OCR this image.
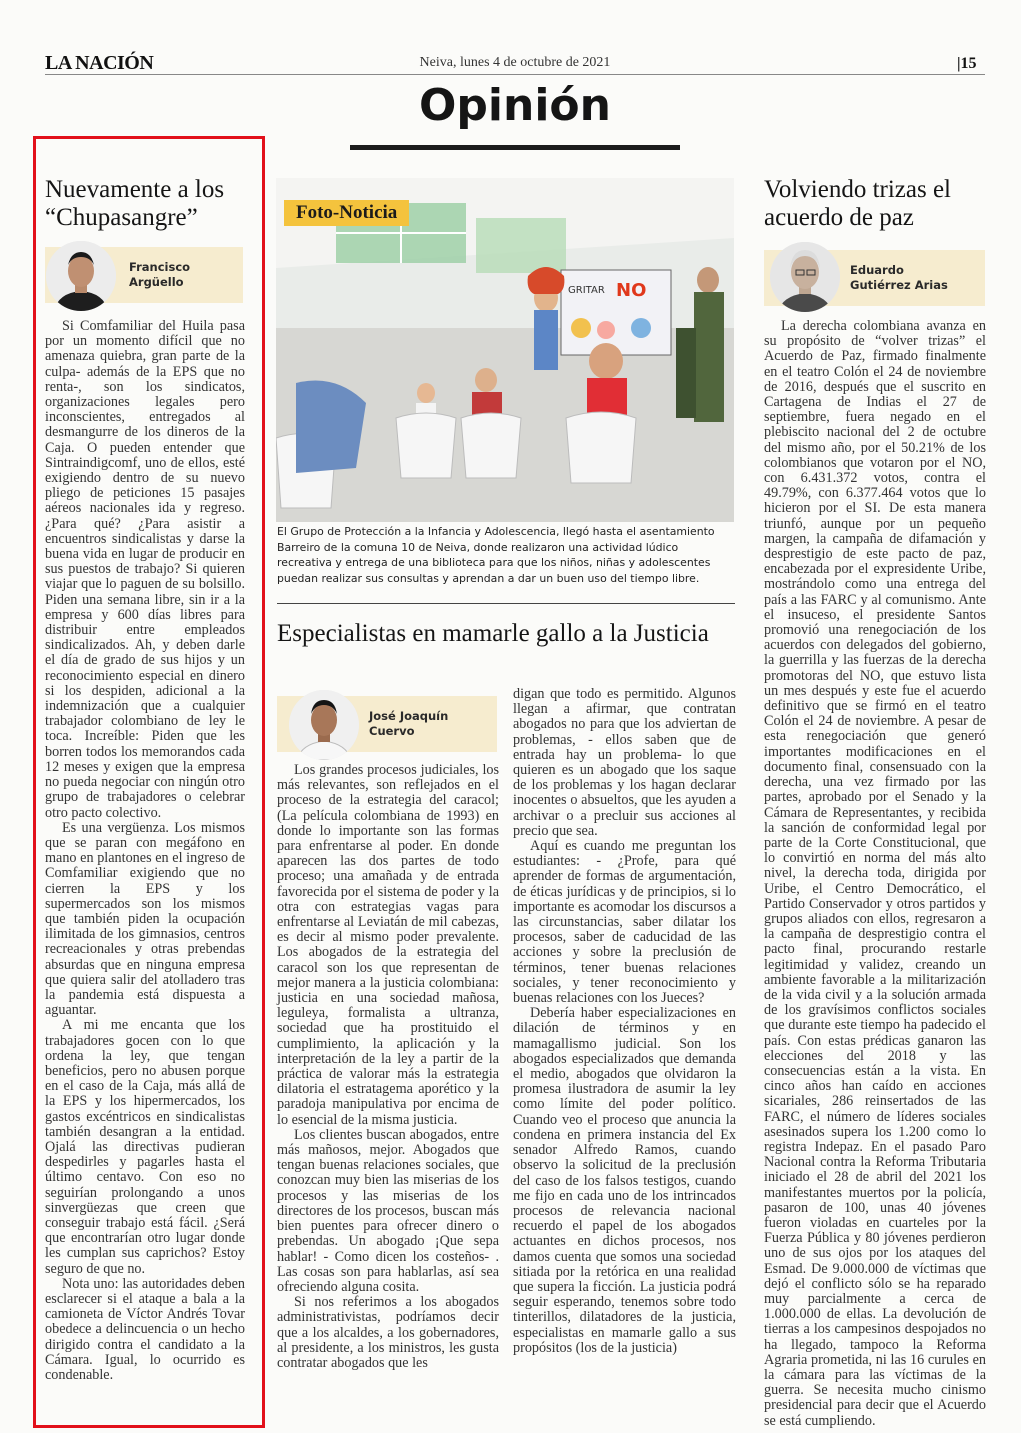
LA NACIÓN	Neiva, lunes 4 de octubre de 2021	|15
Opinión
Nuevamente a los “Chupasangre”
Francisco
Argüello

Si Comfamiliar del Huila pasa por un momento difícil que no amenaza quiebra, gran parte de la culpa- además de la EPS que no renta-, son los sindicatos, organizaciones legales pero inconscientes, entregados al desmangurre de los dineros de la Caja. O pueden entender que Sintraindigcomf, uno de ellos, esté exigiendo dentro de su nuevo pliego de peticiones 15 pasajes aéreos nacionales ida y regreso. ¿Para qué? ¿Para asistir a encuentros sindicalistas y darse la buena vida en lugar de producir en sus puestos de trabajo? Si quieren viajar que lo paguen de su bolsillo. Piden una semana libre, sin ir a la empresa y 600 días libres para distribuir entre empleados sindicalizados. Ah, y deben darle el día de grado de sus hijos y un reconocimiento especial en dinero si los despiden, adicional a la indemnización que a cualquier trabajador colombiano de ley le toca. Increíble: Piden que les borren todos los memorandos cada 12 meses y exigen que la empresa no pueda negociar con ningún otro grupo de trabajadores o celebrar otro pacto colectivo.

Es una vergüenza. Los mismos que se paran con megáfono en mano en plantones en el ingreso de Comfamiliar exigiendo que no cierren la EPS y los supermercados son los mismos que también piden la ocupación ilimitada de los gimnasios, centros recreacionales y otras prebendas absurdas que en ninguna empresa que quiera salir del atolladero tras la pandemia está dispuesta a aguantar.

A mi me encanta que los trabajadores gocen con lo que ordena la ley, que tengan beneficios, pero no abusen porque en el caso de la Caja, más allá de la EPS y los hipermercados, los gastos excéntricos en sindicalistas también desangran a la entidad. Ojalá las directivas pudieran despedirles y pagarles hasta el último centavo. Con eso no seguirían prolongando a unos sinvergüezas que creen que conseguir trabajo está fácil. ¿Será que encontrarían otro lugar donde les cumplan sus caprichos? Estoy seguro de que no.

Nota uno: las autoridades deben esclarecer si el ataque a bala a la camioneta de Víctor Andrés Tovar obedece a delincuencia o un hecho dirigido contra el candidato a la Cámara. Igual, lo ocurrido es condenable.

GRITAR NO
Foto-Noticia
El Grupo de Protección a la Infancia y Adolescencia, llegó hasta el asentamiento Barreiro de la comuna 10 de Neiva, donde realizaron una actividad lúdico recreativa y entrega de una biblioteca para que los niños, niñas y adolescentes puedan realizar sus consultas y aprendan a dar un buen uso del tiempo libre.
Especialistas en mamarle gallo a la Justicia
José Joaquín
Cuervo

Los grandes procesos judiciales, los más relevantes, son reflejados en el proceso de la estrategia del caracol; (La película colombiana de 1993) en donde lo importante son las formas para enfrentarse al poder. En donde aparecen las dos partes de todo proceso; una amañada y de entrada favorecida por el sistema de poder y la otra con estrategias vagas para enfrentarse al Leviatán de mil cabezas, es decir al mismo poder prevalente. Los abogados de la estrategia del caracol son los que representan de mejor manera a la justicia colombiana: justicia en una sociedad mañosa, leguleya, formalista a ultranza, sociedad que ha prostituido el cumplimiento, la aplicación y la interpretación de la ley a partir de la práctica de valorar más la estrategia dilatoria el estratagema aporético y la paradoja manipulativa por encima de lo esencial de la misma justicia.

Los clientes buscan abogados, entre más mañosos, mejor. Abogados que tengan buenas relaciones sociales, que conozcan muy bien las miserias de los procesos y las miserias de los directores de los procesos, buscan más bien puentes para ofrecer dinero o prebendas. Un abogado ¡Que sepa hablar! - Como dicen los costeños- . Las cosas son para hablarlas, así sea ofreciendo alguna cosita.

Si nos referimos a los abogados administrativistas, podríamos decir que a los alcaldes, a los gobernadores, al presidente, a los ministros, les gusta contratar abogados que les

digan que todo es permitido. Algunos llegan a afirmar, que contratan abogados no para que los adviertan de problemas, - ellos saben que de entrada hay un problema- lo que quieren es un abogado que los saque de los problemas y los hagan declarar inocentes o absueltos, que les ayuden a archivar o a precluir sus acciones al precio que sea.

Aquí es cuando me preguntan los estudiantes: - ¿Profe, para qué aprender de formas de argumentación, de éticas jurídicas y de principios, si lo importante es acomodar los discursos a las circunstancias, saber dilatar los procesos, saber de caducidad de las acciones y sobre la preclusión de términos, tener buenas relaciones sociales, y tener reconocimiento y buenas relaciones con los Jueces?

Debería haber especializaciones en dilación de términos y en mamagallismo judicial. Son los abogados especializados que demanda el medio, abogados que olvidaron la promesa ilustradora de asumir la ley como límite del poder político. Cuando veo el proceso que anuncia la condena en primera instancia del Ex senador Alfredo Ramos, cuando observo la solicitud de la preclusión del caso de los falsos testigos, cuando me fijo en cada uno de los intrincados procesos de relevancia nacional recuerdo el papel de los abogados actuantes en dichos procesos, nos damos cuenta que somos una sociedad sitiada por la retórica en una realidad que supera la ficción. La justicia podrá seguir esperando, tenemos sobre todo tinterillos, dilatadores de la justicia, especialistas en mamarle gallo a sus propósitos (los de la justicia)

Volviendo trizas el acuerdo de paz
Eduardo
Gutiérrez Arias

La derecha colombiana avanza en su propósito de “volver trizas” el Acuerdo de Paz, firmado finalmente en el teatro Colón el 24 de noviembre de 2016, después que el suscrito en Cartagena de Indias el 27 de septiembre, fuera negado en el plebiscito nacional del 2 de octubre del mismo año, por el 50.21% de los colombianos que votaron por el NO, con 6.431.372 votos, contra el 49.79%, con 6.377.464 votos que lo hicieron por el SI. De esta manera triunfó, aunque por un pequeño margen, la campaña de difamación y desprestigio de este pacto de paz, encabezada por el expresidente Uribe, mostrándolo como una entrega del país a las FARC y al comunismo. Ante el insuceso, el presidente Santos promovió una renegociación de los acuerdos con delegados del gobierno, la guerrilla y las fuerzas de la derecha promotoras del NO, que estuvo lista un mes después y este fue el acuerdo definitivo que se firmó en el teatro Colón el 24 de noviembre. A pesar de esta renegociación que generó importantes modificaciones en el documento final, consensuado con la derecha, una vez firmado por las partes, aprobado por el Senado y la Cámara de Representantes, y recibida la sanción de conformidad legal por parte de la Corte Constitucional, que lo convirtió en norma del más alto nivel, la derecha toda, dirigida por Uribe, el Centro Democrático, el Partido Conservador y otros partidos y grupos aliados con ellos, regresaron a la campaña de desprestigio contra el pacto final, procurando restarle legitimidad y validez, creando un ambiente favorable a la militarización de la vida civil y a la solución armada de los gravísimos conflictos sociales que durante este tiempo ha padecido el país. Con estas prédicas ganaron las elecciones del 2018 y las consecuencias están a la vista. En cinco años han caído en acciones sicariales, 286 reinsertados de las FARC, el número de líderes sociales asesinados supera los 1.200 como lo registra Indepaz. En el pasado Paro Nacional contra la Reforma Tributaria iniciado el 28 de abril del 2021 los manifestantes muertos por la policía, pasaron de 100, unas 40 jóvenes fueron violadas en cuarteles por la Fuerza Pública y 80 jóvenes perdieron uno de sus ojos por los ataques del Esmad. De 9.000.000 de víctimas que dejó el conflicto sólo se ha reparado muy parcialmente a cerca de 1.000.000 de ellas. La devolución de tierras a los campesinos despojados no ha llegado, tampoco la Reforma Agraria prometida, ni las 16 curules en la cámara para las víctimas de la guerra. Se necesita mucho cinismo presidencial para decir que el Acuerdo se está cumpliendo.
